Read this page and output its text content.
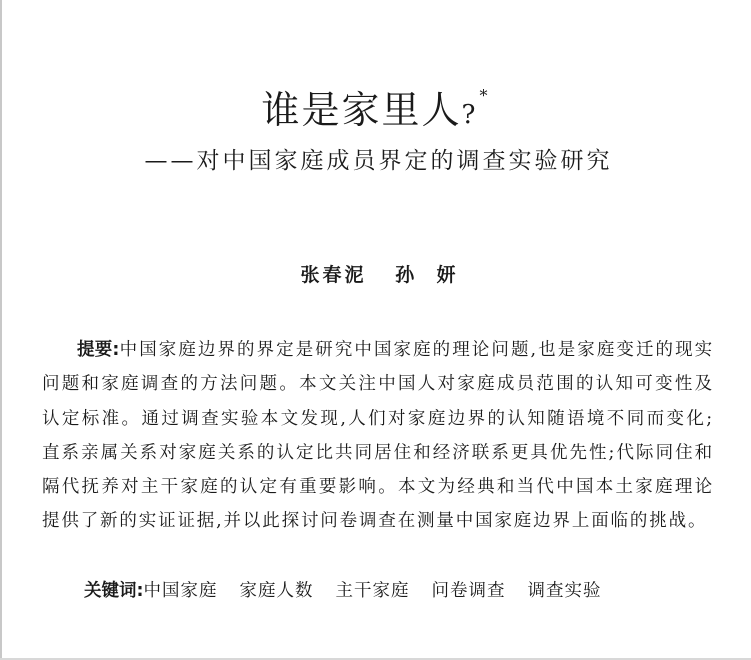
谁是家里人?*
——对中国家庭成员界定的调查实验研究
张春泥   孙  妍

提要:中国家庭边界的界定是研究中国家庭的理论问题,也是家庭变迁的现实问题和家庭调查的方法问题。本文关注中国人对家庭成员范围的认知可变性及认定标准。通过调查实验本文发现,人们对家庭边界的认知随语境不同而变化;直系亲属关系对家庭关系的认定比共同居住和经济联系更具优先性;代际同住和隔代抚养对主干家庭的认定有重要影响。本文为经典和当代中国本土家庭理论提供了新的实证证据,并以此探讨问卷调查在测量中国家庭边界上面临的挑战。

关键词:中国家庭 家庭人数 主干家庭 问卷调查 调查实验
